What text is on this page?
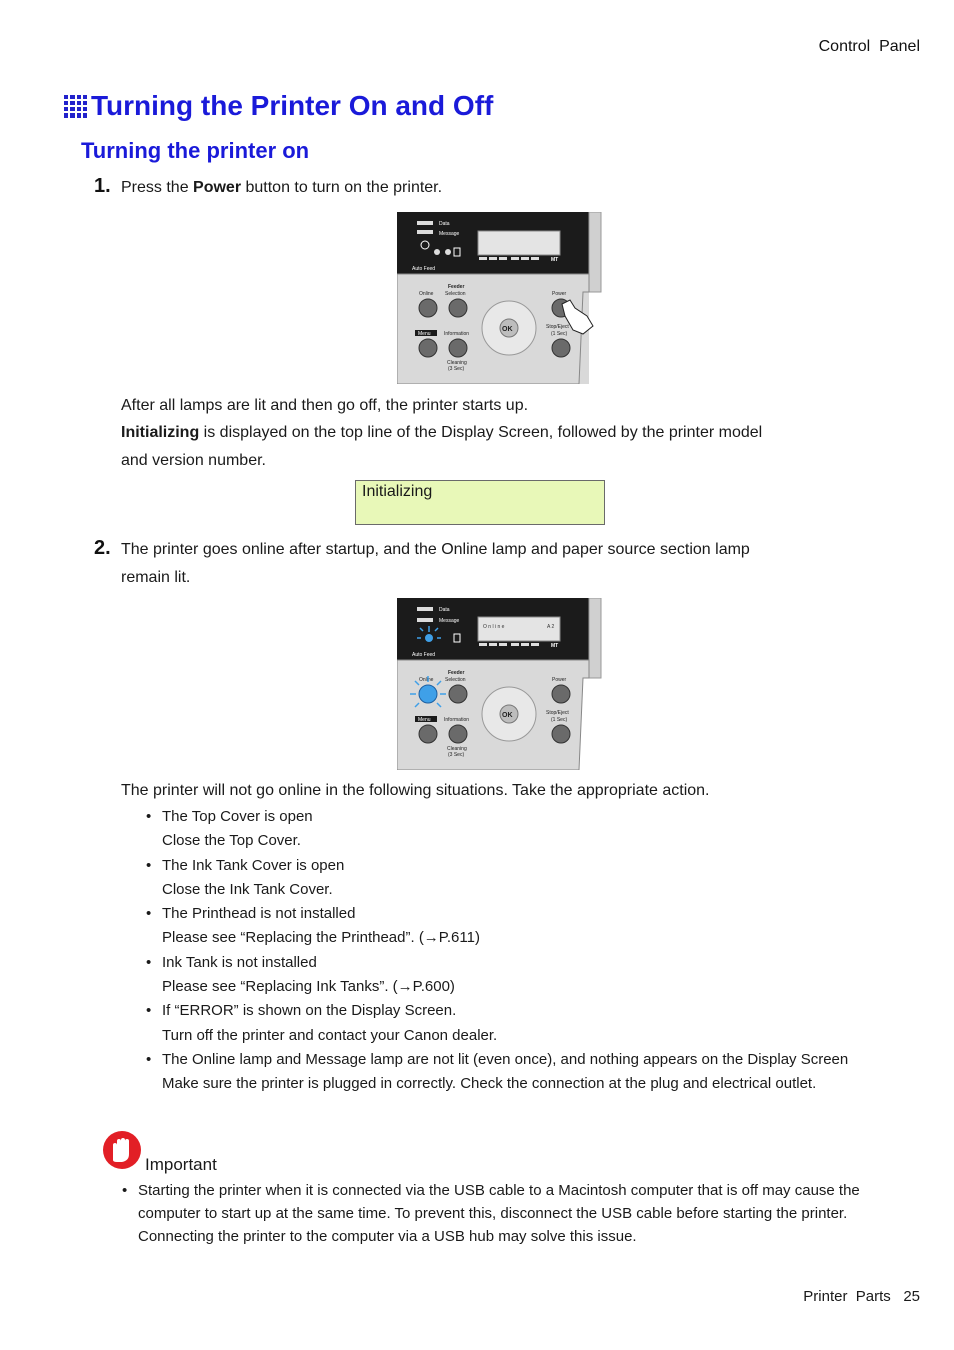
Control  Panel
Turning the Printer On and Off
Turning the printer on
1. Press the Power button to turn on the printer.
Data
Message
Auto Feed
MT
Online
Feeder
Selection	Power
Menu	Information
OK	Stop/Eject
(1 Sec)
Cleaning
(3 Sec)
After all lamps are lit and then go off, the printer starts up.
Initializing is displayed on the top line of the Display Screen, followed by the printer model
and version number.
Initializing
2. The printer goes online after startup, and the Online lamp and paper source section lamp
remain lit.
Data
Message
O n l i n e	A 2
Auto Feed
MT
Online
Feeder
Selection	Power
Menu	Information
OK	Stop/Eject
(1 Sec)
Cleaning
(3 Sec)
The printer will not go online in the following situations. Take the appropriate action.
• The Top Cover is open
Close the Top Cover.
• The Ink Tank Cover is open
Close the Ink Tank Cover.
• The Printhead is not installed
Please see “Replacing the Printhead”. (→P.611)
• Ink Tank is not installed
Please see “Replacing Ink Tanks”. (→P.600)
• If “ERROR” is shown on the Display Screen.
Turn off the printer and contact your Canon dealer.
• The Online lamp and Message lamp are not lit (even once), and nothing appears on the Display Screen
Make sure the printer is plugged in correctly. Check the connection at the plug and electrical outlet.
Important
• Starting the printer when it is connected via the USB cable to a Macintosh computer that is off may cause the computer to start up at the same time. To prevent this, disconnect the USB cable before starting the printer. Connecting the printer to the computer via a USB hub may solve this issue.
Printer  Parts 25
